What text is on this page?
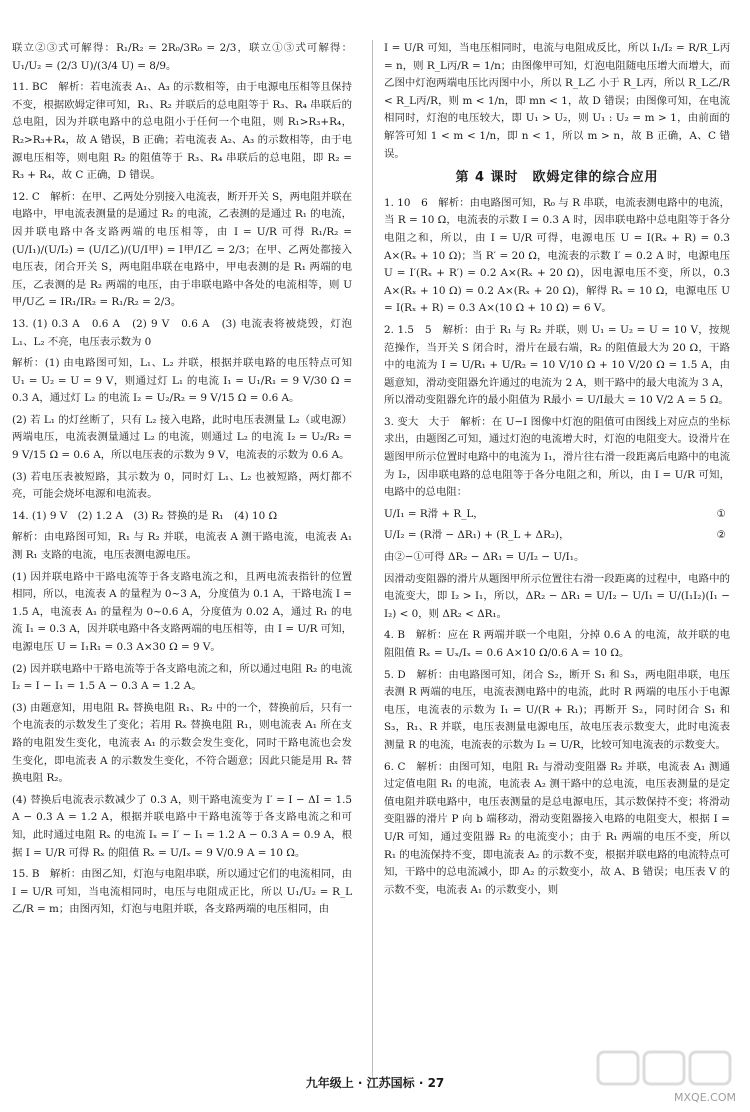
联立②③式可解得：R₁/R₂ = 2R₀/3R₀ = 2/3，联立①③式可解得：U₁/U₂ = (2/3 U)/(3/4 U) = 8/9。

11. BC　解析：若电流表 A₁、A₃ 的示数相等，由于电源电压相等且保持不变，根据欧姆定律可知，R₁、R₂ 并联后的总电阻等于 R₃、R₄ 串联后的总电阻，因为并联电路中的总电阻小于任何一个电阻，则 R₁>R₃+R₄，R₂>R₃+R₄，故 A 错误，B 正确；若电流表 A₂、A₃ 的示数相等，由于电源电压相等，则电阻 R₂ 的阻值等于 R₃、R₄ 串联后的总电阻，即 R₂ = R₃ + R₄，故 C 正确，D 错误。

12. C　解析：在甲、乙两处分别接入电流表，断开开关 S，两电阻并联在电路中，甲电流表测量的是通过 R₂ 的电流，乙表测的是通过 R₁ 的电流，因并联电路中各支路两端的电压相等，由 I = U/R 可得 R₁/R₂ = (U/I₁)/(U/I₂) = (U/I乙)/(U/I甲) = I甲/I乙 = 2/3；在甲、乙两处都接入电压表，闭合开关 S，两电阻串联在电路中，甲电表测的是 R₁ 两端的电压，乙表测的是 R₂ 两端的电压，由于串联电路中各处的电流相等，则 U甲/U乙 = IR₁/IR₂ = R₁/R₂ = 2/3。

13. (1) 0.3 A　0.6 A　(2) 9 V　0.6 A　(3) 电流表将被烧毁，灯泡 L₁、L₂ 不亮，电压表示数为 0

解析：(1) 由电路图可知，L₁、L₂ 并联，根据并联电路的电压特点可知 U₁ = U₂ = U = 9 V，则通过灯 L₁ 的电流 I₁ = U₁/R₁ = 9 V/30 Ω = 0.3 A，通过灯 L₂ 的电流 I₂ = U₂/R₂ = 9 V/15 Ω = 0.6 A。

(2) 若 L₁ 的灯丝断了，只有 L₂ 接入电路，此时电压表测量 L₂（或电源）两端电压，电流表测量通过 L₂ 的电流，则通过 L₂ 的电流 I₂ = U₂/R₂ = 9 V/15 Ω = 0.6 A，所以电压表的示数为 9 V，电流表的示数为 0.6 A。

(3) 若电压表被短路，其示数为 0，同时灯 L₁、L₂ 也被短路，两灯都不亮，可能会烧坏电源和电流表。

14. (1) 9 V　(2) 1.2 A　(3) R₂ 替换的是 R₁　(4) 10 Ω

解析：由电路图可知，R₁ 与 R₂ 并联，电流表 A 测干路电流，电流表 A₁ 测 R₁ 支路的电流，电压表测电源电压。

(1) 因并联电路中干路电流等于各支路电流之和，且两电流表指针的位置相同，所以，电流表 A 的量程为 0~3 A，分度值为 0.1 A，干路电流 I = 1.5 A，电流表 A₁ 的量程为 0~0.6 A，分度值为 0.02 A，通过 R₁ 的电流 I₁ = 0.3 A，因并联电路中各支路两端的电压相等，由 I = U/R 可知，电源电压 U = I₁R₁ = 0.3 A×30 Ω = 9 V。

(2) 因并联电路中干路电流等于各支路电流之和，所以通过电阻 R₂ 的电流 I₂ = I − I₁ = 1.5 A − 0.3 A = 1.2 A。

(3) 由题意知，用电阻 Rₓ 替换电阻 R₁、R₂ 中的一个，替换前后，只有一个电流表的示数发生了变化；若用 Rₓ 替换电阻 R₁，则电流表 A₁ 所在支路的电阻发生变化，电流表 A₁ 的示数会发生变化，同时干路电流也会发生变化，即电流表 A 的示数发生变化，不符合题意；因此只能是用 Rₓ 替换电阻 R₂。

(4) 替换后电流表示数减少了 0.3 A，则干路电流变为 I′ = I − ΔI = 1.5 A − 0.3 A = 1.2 A，根据并联电路中干路电流等于各支路电流之和可知，此时通过电阻 Rₓ 的电流 Iₓ = I′ − I₁ = 1.2 A − 0.3 A = 0.9 A，根据 I = U/R 可得 Rₓ 的阻值 Rₓ = U/Iₓ = 9 V/0.9 A = 10 Ω。

15. B　解析：由图乙知，灯泡与电阻串联，所以通过它们的电流相同，由 I = U/R 可知，当电流相同时，电压与电阻成正比，所以 U₁/U₂ = R_L乙/R = m；由图丙知，灯泡与电阻并联，各支路两端的电压相同，由

I = U/R 可知，当电压相同时，电流与电阻成反比，所以 I₁/I₂ = R/R_L丙 = n，则 R_L丙/R = 1/n；由图像甲可知，灯泡电阻随电压增大而增大，而乙图中灯泡两端电压比丙图中小，所以 R_L乙 小于 R_L丙，所以 R_L乙/R < R_L丙/R，则 m < 1/n，即 mn < 1，故 D 错误；由图像可知，在电流相同时，灯泡的电压较大，即 U₁ > U₂，则 U₁ : U₂ = m > 1，由前面的解答可知 1 < m < 1/n，即 n < 1，所以 m > n，故 B 正确，A、C 错误。

第 4 课时　欧姆定律的综合应用

1. 10　6　解析：由电路图可知，R₀ 与 R 串联，电流表测电路中的电流，当 R = 10 Ω，电流表的示数 I = 0.3 A 时，因串联电路中总电阻等于各分电阻之和，所以，由 I = U/R 可得，电源电压 U = I(Rₓ + R) = 0.3 A×(Rₓ + 10 Ω)；当 R′ = 20 Ω，电流表的示数 I′ = 0.2 A 时，电源电压 U = I′(Rₓ + R′) = 0.2 A×(Rₓ + 20 Ω)，因电源电压不变，所以，0.3 A×(Rₓ + 10 Ω) = 0.2 A×(Rₓ + 20 Ω)，解得 Rₓ = 10 Ω，电源电压 U = I(Rₓ + R) = 0.3 A×(10 Ω + 10 Ω) = 6 V。

2. 1.5　5　解析：由于 R₁ 与 R₂ 并联，则 U₁ = U₂ = U = 10 V，按规范操作，当开关 S 闭合时，滑片在最右端，R₂ 的阻值最大为 20 Ω，干路中的电流为 I = U/R₁ + U/R₂ = 10 V/10 Ω + 10 V/20 Ω = 1.5 A，由题意知，滑动变阻器允许通过的电流为 2 A，则干路中的最大电流为 3 A，所以滑动变阻器允许的最小阻值为 R最小 = U/I最大 = 10 V/2 A = 5 Ω。

3. 变大　大于　解析：在 U−I 图像中灯泡的阻值可由图线上对应点的坐标求出，由题图乙可知，通过灯泡的电流增大时，灯泡的电阻变大。设滑片在题图甲所示位置时电路中的电流为 I₁，滑片往右滑一段距离后电路中的电流为 I₂，因串联电路的总电阻等于各分电阻之和，所以，由 I = U/R 可知，电路中的总电阻：

U/I₁ = R滑 + R_L，	①

U/I₂ = (R滑 − ΔR₁) + (R_L + ΔR₂)，	②

由②−①可得 ΔR₂ − ΔR₁ = U/I₂ − U/I₁。

因滑动变阻器的滑片从题图甲所示位置往右滑一段距离的过程中，电路中的电流变大，即 I₂ > I₁，所以，ΔR₂ − ΔR₁ = U/I₂ − U/I₁ = U/(I₁I₂)(I₁ − I₂) < 0，则 ΔR₂ < ΔR₁。

4. B　解析：应在 R 两端并联一个电阻，分掉 0.6 A 的电流，故并联的电阻阻值 Rₓ = Uₓ/Iₓ = 0.6 A×10 Ω/0.6 A = 10 Ω。

5. D　解析：由电路图可知，闭合 S₂，断开 S₁ 和 S₃，两电阻串联，电压表测 R 两端的电压，电流表测电路中的电流，此时 R 两端的电压小于电源电压，电流表的示数为 I₁ = U/(R + R₁)；再断开 S₂，同时闭合 S₁ 和 S₃，R₁、R 并联，电压表测量电源电压，故电压表示数变大，此时电流表测量 R 的电流，电流表的示数为 I₂ = U/R，比较可知电流表的示数变大。

6. C　解析：由图可知，电阻 R₁ 与滑动变阻器 R₂ 并联，电流表 A₁ 测通过定值电阻 R₁ 的电流，电流表 A₂ 测干路中的总电流，电压表测量的是定值电阻并联电路中，电压表测量的是总电源电压，其示数保持不变；将滑动变阻器的滑片 P 向 b 端移动，滑动变阻器接入电路的电阻变大，根据 I = U/R 可知，通过变阻器 R₂ 的电流变小；由于 R₁ 两端的电压不变，所以 R₁ 的电流保持不变，即电流表 A₂ 的示数不变，根据并联电路的电流特点可知，干路中的总电流减小，即 A₂ 的示数变小，故 A、B 错误；电压表 V 的示数不变，电流表 A₁ 的示数变小，则

九年级上 · 江苏国标 · 27
MXQE.COM
